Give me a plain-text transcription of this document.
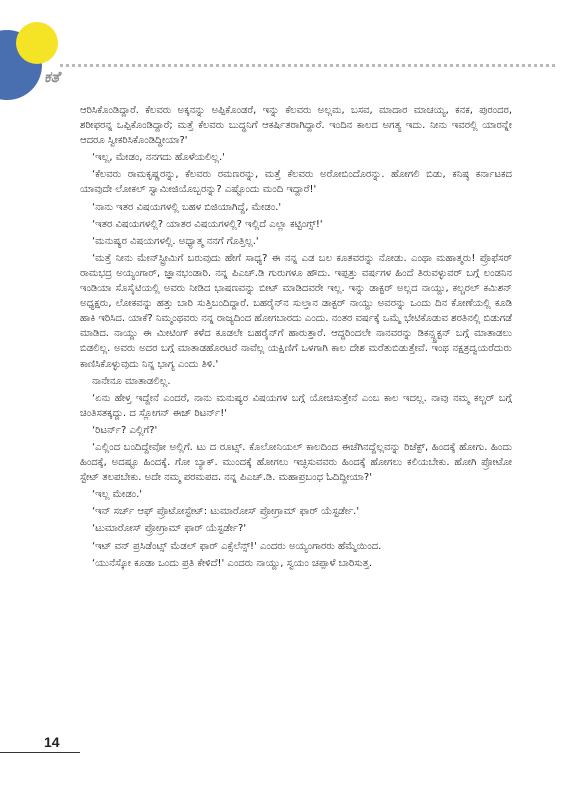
ಕತೆ

ಆರಿಸಿಕೊಂಡಿದ್ದಾರೆ. ಕೆಲವರು ಅಕ್ಕನನ್ನು ಅಪ್ಪಿಕೊಂಡರೆ, ಇನ್ನು ಕೆಲವರು ಅಲ್ಲಮ, ಬಸವ, ಮಾದಾರ ಮಾಚಯ್ಯ, ಕನಕ, ಪುರಂದರ, ಶರೀಫರನ್ನ ಒಪ್ಪಿಕೊಂಡಿದ್ದಾರೆ; ಮತ್ತೆ ಕೆಲವರು ಬುದ್ಧನಿಗೆ ಆಕರ್ಷಿತರಾಗಿದ್ದಾರೆ. ಇಂದಿನ ಕಾಲದ ಅಗತ್ಯ ಇದು. ನೀನು ಇವರಲ್ಲಿ ಯಾರನ್ನೇ ಆದರೂ ಸ್ವೀಕರಿಸಿಕೊಂಡಿದ್ದೀಯಾ?'

‘ಇಲ್ಲ, ಮೇಡಂ, ನನಗದು ಹೊಳೆಯಲಿಲ್ಲ.'

‘ಕೆಲವರು ರಾಮಕೃಷ್ಣರನ್ನು, ಕೆಲವರು ರಮಣರನ್ನು, ಮತ್ತೆ ಕೆಲವರು ಅರೋಬಿಂದೊರನ್ನು. ಹೋಗಲಿ ಬಿಡು, ಕನಿಷ್ಠ ಕರ್ನಾಟಕದ ಯಾವುದೇ ಲೋಕಲ್ ಸ್ವಾಮೀಜಿಯೊಬ್ಬರನ್ನು? ಎಷ್ಟೊಂದು ಮಂದಿ ಇದ್ದಾರೆ!'

‘ನಾನು ಇತರ ವಿಷಯಗಳಲ್ಲಿ ಬಹಳ ಬಿಜಿಯಾಗಿದ್ದೆ, ಮೇಡಂ.'

‘ಇತರ ವಿಷಯಗಳಲ್ಲಿ? ಯಾತರ ವಿಷಯಗಳಲ್ಲಿ? ಇಲ್ಲಿದೆ ಎಲ್ಲಾ ಕಟ್ಟಿಂಗ್ಸ್!'

‘ಮನುಷ್ಯರ ವಿಷಯಗಳಲ್ಲಿ. ಅಧ್ಯಾತ್ಮ ನನಗೆ ಗೊತ್ತಿಲ್ಲ.'

‘ಮತ್ತೆ ನೀನು ಮೇನ್‌ಸ್ಟ್ರೀಮಿಗೆ ಬರುವುದು ಹೇಗೆ ಸಾಧ್ಯ? ಈ ನನ್ನ ಎಡ ಬಲ ಕೂತವರನ್ನು ನೋಡು. ಎಂಥಾ ಮಹಾತ್ಮರು! ಪ್ರೊಫೆಸರ್ ರಾಮಭದ್ರ ಅಯ್ಯಂಗಾರ್, ಜ್ಞಾನಭಂಡಾರಿ. ನನ್ನ ಪಿಎಚ್.ಡಿ ಗುರುಗಳೂ ಹೌದು. ಇಪ್ಪತ್ತು ವರ್ಷಗಳ ಹಿಂದೆ ತಿರುವಳ್ಳುವರ್ ಬಗ್ಗೆ ಲಂಡನಿನ ಇಂಡಿಯಾ ಸೊಸೈಟಿಯಲ್ಲಿ ಅವರು ನೀಡಿದ ಭಾಷಣವನ್ನು ಬೀಟ್ ಮಾಡಿದವರೇ ಇಲ್ಲ. ಇನ್ನು ಡಾಕ್ಟರ್ ಅಲ್ಲದ ನಾಯ್ದು, ಕಲ್ಚರಲ್ ಕಮಿಶನ್ ಅಧ್ಯಕ್ಷರು, ಲೋಕವನ್ನು ಹತ್ತು ಬಾರಿ ಸುತ್ತಿಬಂದಿದ್ದಾರೆ. ಬಹರೈನ್‌ನ ಸುಲ್ತಾನ ಡಾಕ್ಟರ್ ನಾಯ್ದು ಅವರನ್ನು ಒಂದು ದಿನ ಕೋಣೆಯಲ್ಲಿ ಕೂಡಿ ಹಾಕಿ ಇರಿಸಿದ. ಯಾಕೆ? ನಿಮ್ಮಂಥವರು ನನ್ನ ರಾಜ್ಯದಿಂದ ಹೋಗಬಾರದು ಎಂದು. ನಂತರ ವರ್ಷಕ್ಕೆ ಒಮ್ಮೆ ಭೇಟಿಕೊಡುವ ಶರತಿನಲ್ಲಿ ಬಿಡುಗಡೆ ಮಾಡಿದ. ನಾಯ್ದು ಈ ಮೀಟಿಂಗ್ ಕಳೆದ ಕೂಡಲೇ ಬಹರೈನ್‌ಗೆ ಹಾರುತ್ತಾರೆ. ಆದ್ದರಿಂದಲೇ ನಾನವರನ್ನು ಡಿಕನ್ಸ್ಟ್ರಕ್ಟನ್ ಬಗ್ಗೆ ಮಾತಾಡಲು ಬಿಡಲಿಲ್ಲ. ಅವರು ಅದರ ಬಗ್ಗೆ ಮಾತಾಡಹೊರಟರೆ ನಾವೆಲ್ಲ ಯಕ್ಷಿಣಿಗೆ ಒಳಗಾಗಿ ಕಾಲ ದೇಶ ಮರೆತುಬಿಡುತ್ತೇವೆ. ಇಂಥ ನಕ್ಷತ್ರದ್ವಯರೆದುರು ಕಾಣಿಸಿಕೊಳ್ಳುವುದು ನಿನ್ನ ಭಾಗ್ಯ ಎಂದು ತಿಳಿ.'

ನಾನೇನೂ ಮಾತಾಡಲಿಲ್ಲ.

‘ಏನು ಹೇಳ್ತ ಇದ್ದೇನೆ ಎಂದರೆ, ನಾನು ಮನುಷ್ಯರ ವಿಷಯಗಳ ಬಗ್ಗೆ ಯೋಚಿಸುತ್ತೇನೆ ಎಂಬ ಕಾಲ ಇದಲ್ಲ. ನಾವು ನಮ್ಮ ಕಲ್ಚರ್ ಬಗ್ಗೆ ಚಿಂತಿಸತಕ್ಕದ್ದು. ದ ಸ್ಲೋಗನ್ ಈಜ್ ರಿಟರ್ನ್!'

‘ರಿಟರ್ನ್? ಎಲ್ಲಿಗೆ?'

‘ಎಲ್ಲಿಂದ ಬಂದಿದ್ದೇವೋ ಅಲ್ಲಿಗೆ. ಟು ದ ರೂಟ್ಸ್. ಕೊಲೋನಿಯಲ್ ಕಾಲದಿಂದ ಈಚೆಗಿನದ್ದೆಲ್ಲವನ್ನು ರಿಜೆಕ್ಟ್, ಹಿಂದಕ್ಕೆ ಹೋಗು. ಹಿಂದು ಹಿಂದಕ್ಕೆ, ಅದಷ್ಟೂ ಹಿಂದಕ್ಕೆ. ಗೋ ಬ್ಯಾಕ್. ಮುಂದಕ್ಕೆ ಹೋಗಲು ಇಚ್ಛಿಸುವವರು ಹಿಂದಕ್ಕೆ ಹೋಗಲು ಕಲಿಯಬೇಕು. ಹೋಗಿ ಪ್ರೋಟೋ ಸ್ಟೇಟ್ ತಲಪಬೇಕು. ಅದೇ ನಮ್ಮ ಪರಮಪದ. ನನ್ನ ಪಿಎಚ್.ಡಿ. ಮಹಾಪ್ರಬಂಧ ಓದಿದ್ದೀಯಾ?'

‘ಇಲ್ಲ ಮೇಡಂ.'

‘ಇನ್ ಸರ್ಚ್ ಆಫ್ ಪ್ರೊಟೋಸ್ಟೇಟ್: ಟುಮಾರೋಸ್ ಪ್ರೋಗ್ರಾಮ್ ಫಾರ್ ಯೆಸ್ಟರ್ಡೇ.'

‘ಟುಮಾರೋಸ್ ಪ್ರೋಗ್ರಾಮ್ ಫಾರ್ ಯೆಸ್ಟರ್ಡೇ?'

‘ಇಟ್ ವನ್ ಪ್ರಸಿಡೆಂಟ್ಸ್ ಮೆಡಲ್ ಫಾರ್ ಎಕ್ಸೆಲೆನ್ಸ್!' ಎಂದರು ಅಯ್ಯಂಗಾರರು ಹೆಮ್ಮೆಯಿಂದ.

‘ಯುನೆಸ್ಕೋ ಕೂಡಾ ಒಂದು ಪ್ರತಿ ಕೇಳಿದೆ!' ಎಂದರು ನಾಯ್ದು, ಸ್ವಯಂ ಚಪ್ಪಾಳೆ ಬಾರಿಸುತ್ತ.

14
